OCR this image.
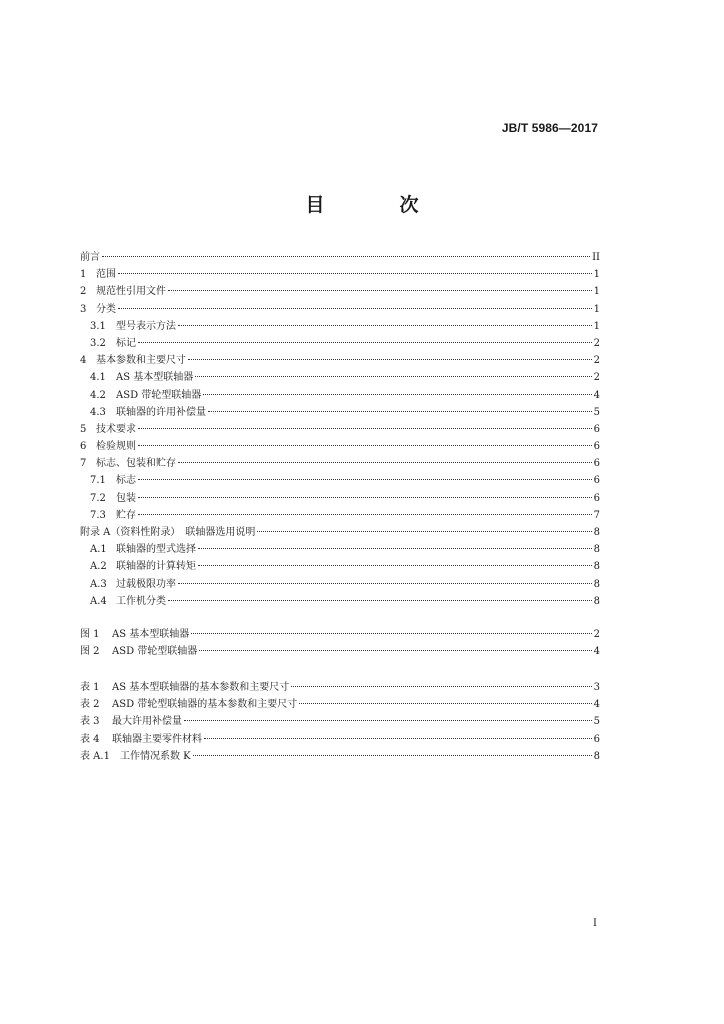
JB/T 5986—2017
目　次
前言	II
1 范围	1
2 规范性引用文件	1
3 分类	1
3.1	型号表示方法	1
3.2	标记	2
4 基本参数和主要尺寸	2
4.1	AS 基本型联轴器	2
4.2	ASD 带轮型联轴器	4
4.3	联轴器的许用补偿量	5
5 技术要求	6
6 检验规则	6
7 标志、包装和贮存	6
7.1	标志	6
7.2	包装	6
7.3	贮存	7
附录 A（资料性附录）　联轴器选用说明	8
A.1 联轴器的型式选择	8
A.2 联轴器的计算转矩	8
A.3 过载极限功率	8
A.4 工作机分类	8
图 1	AS 基本型联轴器	2
图 2	ASD 带轮型联轴器	4
表 1	AS 基本型联轴器的基本参数和主要尺寸	3
表 2	ASD 带轮型联轴器的基本参数和主要尺寸	4
表 3	最大许用补偿量	5
表 4	联轴器主要零件材料	6
表 A.1	工作情况系数 K	8
I
